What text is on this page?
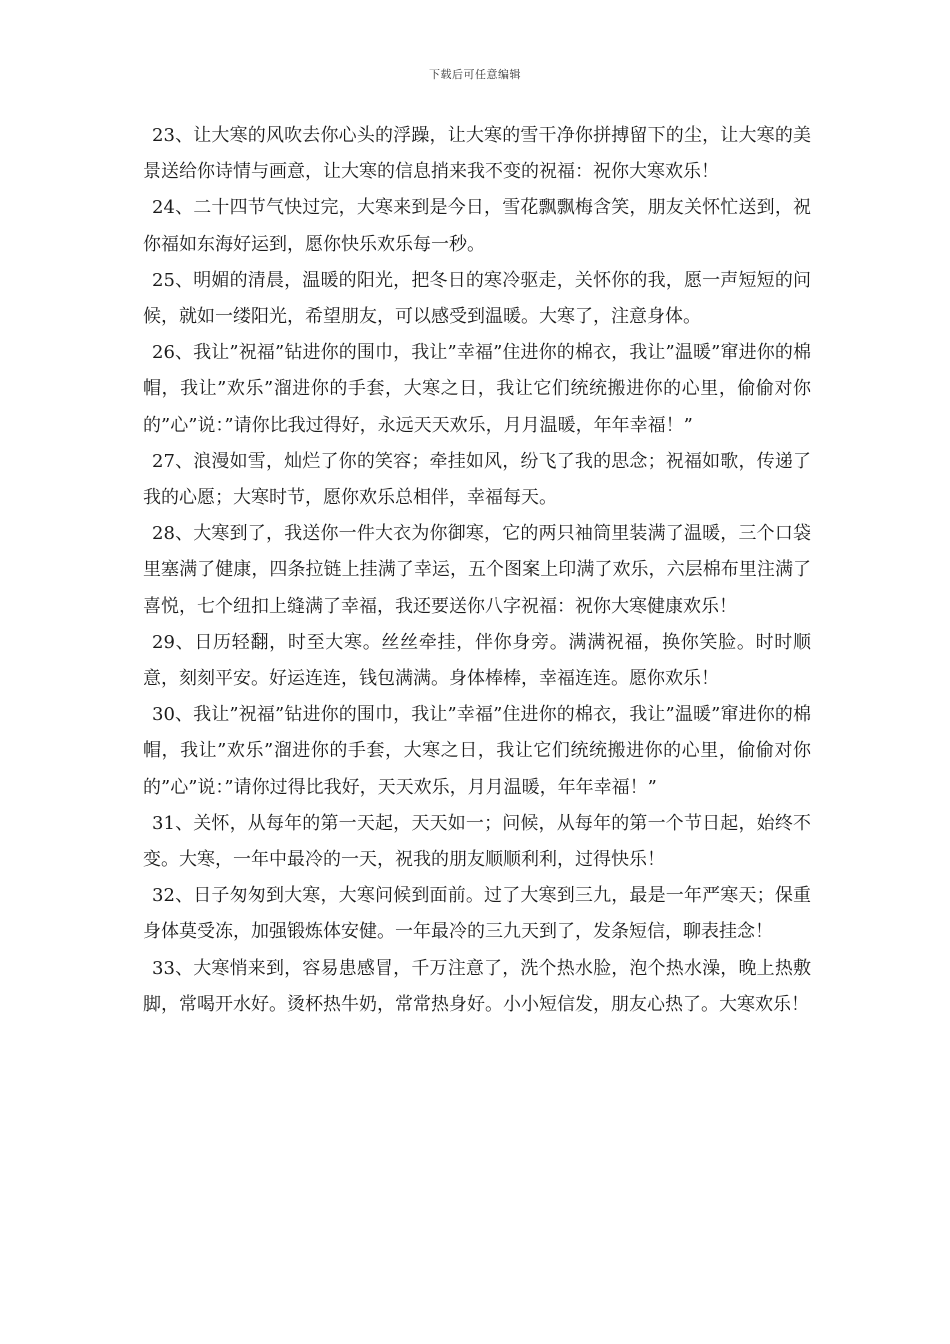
下载后可任意编辑

23、让大寒的风吹去你心头的浮躁，让大寒的雪干净你拼搏留下的尘，让大寒的美景送给你诗情与画意，让大寒的信息捎来我不变的祝福：祝你大寒欢乐！

24、二十四节气快过完，大寒来到是今日，雪花飘飘梅含笑，朋友关怀忙送到，祝你福如东海好运到，愿你快乐欢乐每一秒。

25、明媚的清晨，温暖的阳光，把冬日的寒冷驱走，关怀你的我，愿一声短短的问候，就如一缕阳光，希望朋友，可以感受到温暖。大寒了，注意身体。

26、我让”祝福”钻进你的围巾，我让”幸福”住进你的棉衣，我让”温暖”窜进你的棉帽，我让”欢乐”溜进你的手套，大寒之日，我让它们统统搬进你的心里，偷偷对你的”心”说：”请你比我过得好，永远天天欢乐，月月温暖，年年幸福！”

27、浪漫如雪，灿烂了你的笑容；牵挂如风，纷飞了我的思念；祝福如歌，传递了我的心愿；大寒时节，愿你欢乐总相伴，幸福每天。

28、大寒到了，我送你一件大衣为你御寒，它的两只袖筒里装满了温暖，三个口袋里塞满了健康，四条拉链上挂满了幸运，五个图案上印满了欢乐，六层棉布里注满了喜悦，七个纽扣上缝满了幸福，我还要送你八字祝福：祝你大寒健康欢乐！

29、日历轻翻，时至大寒。丝丝牵挂，伴你身旁。满满祝福，换你笑脸。时时顺意，刻刻平安。好运连连，钱包满满。身体棒棒，幸福连连。愿你欢乐！

30、我让”祝福”钻进你的围巾，我让”幸福”住进你的棉衣，我让”温暖”窜进你的棉帽，我让”欢乐”溜进你的手套，大寒之日，我让它们统统搬进你的心里，偷偷对你的”心”说：”请你过得比我好，天天欢乐，月月温暖，年年幸福！”

31、关怀，从每年的第一天起，天天如一；问候，从每年的第一个节日起，始终不变。大寒，一年中最冷的一天，祝我的朋友顺顺利利，过得快乐！

32、日子匆匆到大寒，大寒问候到面前。过了大寒到三九，最是一年严寒天；保重身体莫受冻，加强锻炼体安健。一年最冷的三九天到了，发条短信，聊表挂念！

33、大寒悄来到，容易患感冒，千万注意了，洗个热水脸，泡个热水澡，晚上热敷脚，常喝开水好。烫杯热牛奶，常常热身好。小小短信发，朋友心热了。大寒欢乐！
